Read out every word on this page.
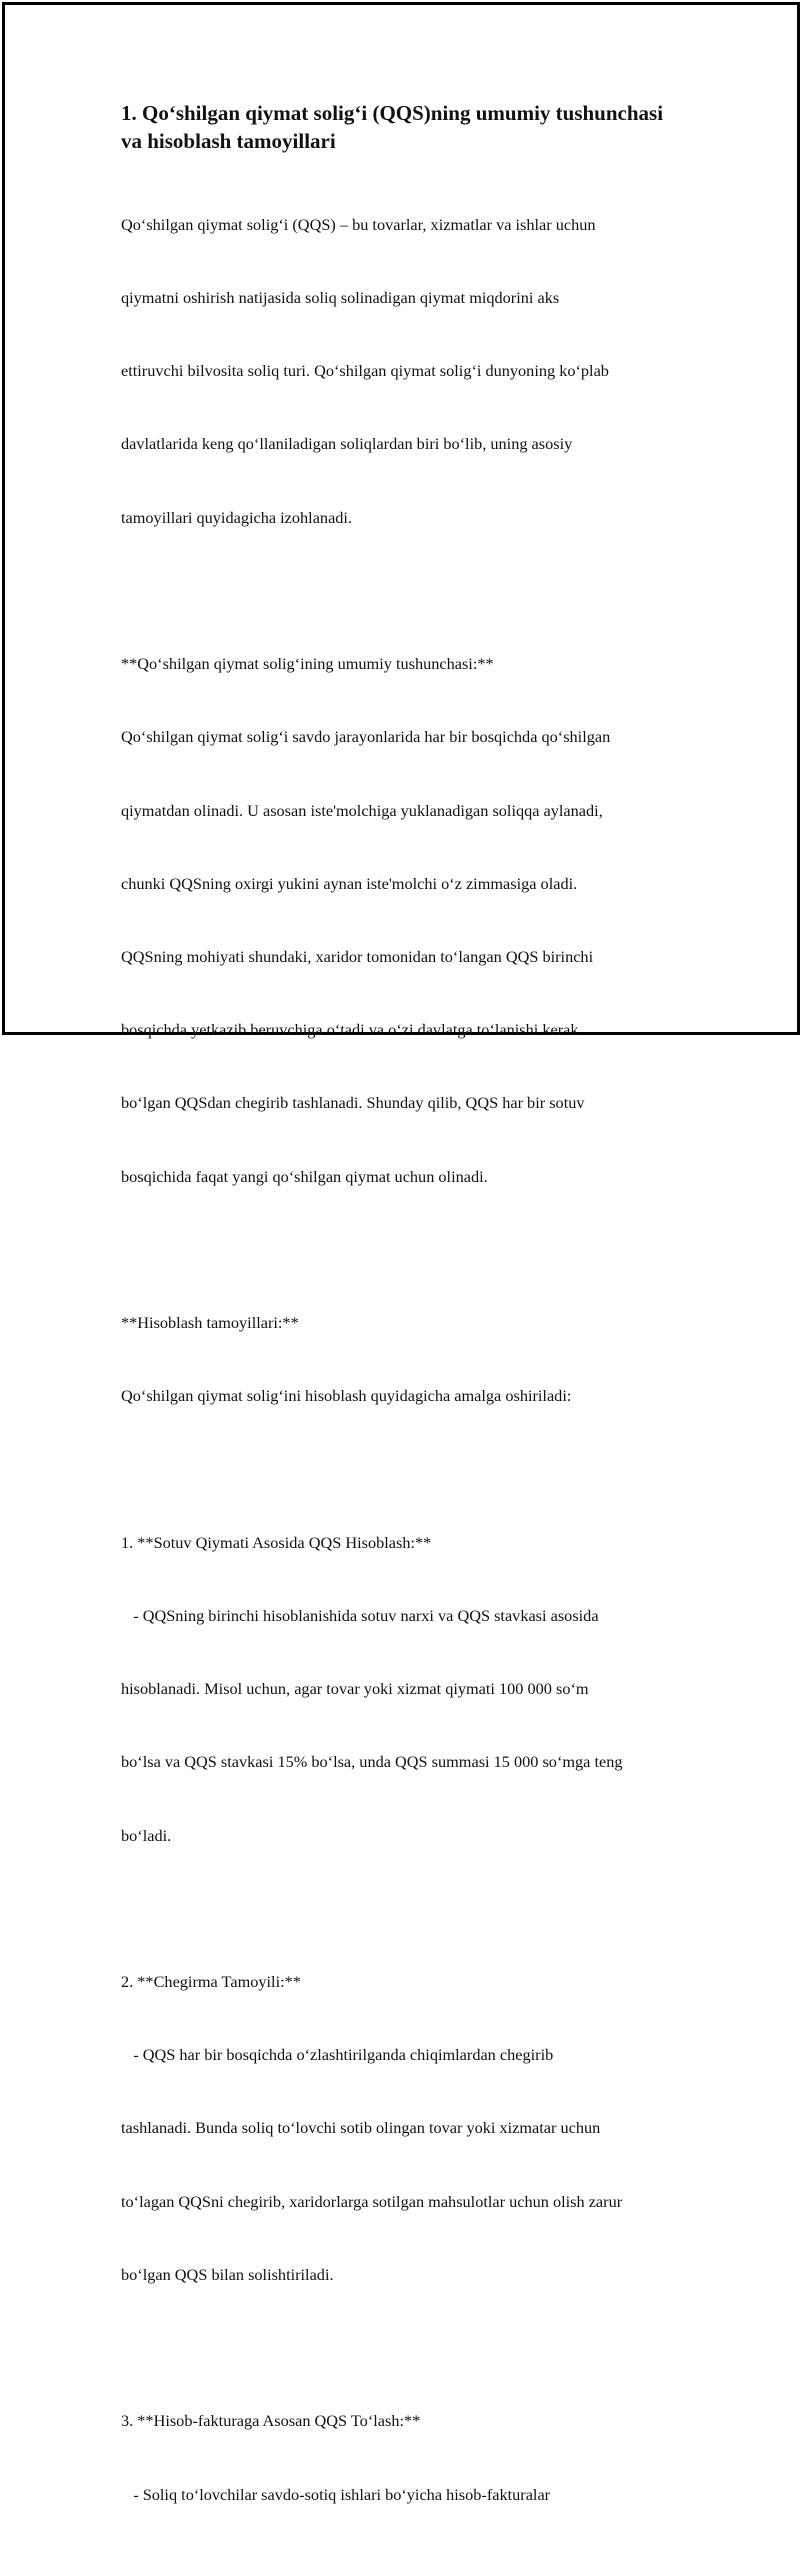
1. Qo‘shilgan qiymat solig‘i (QQS)ning umumiy tushunchasi
va hisoblash tamoyillari

Qo‘shilgan qiymat solig‘i (QQS) – bu tovarlar, xizmatlar va ishlar uchun

qiymatni oshirish natijasida soliq solinadigan qiymat miqdorini aks

ettiruvchi bilvosita soliq turi. Qo‘shilgan qiymat solig‘i dunyoning ko‘plab

davlatlarida keng qo‘llaniladigan soliqlardan biri bo‘lib, uning asosiy

tamoyillari quyidagicha izohlanadi.

**Qo‘shilgan qiymat solig‘ining umumiy tushunchasi:**

Qo‘shilgan qiymat solig‘i savdo jarayonlarida har bir bosqichda qo‘shilgan

qiymatdan olinadi. U asosan iste'molchiga yuklanadigan soliqqa aylanadi,

chunki QQSning oxirgi yukini aynan iste'molchi o‘z zimmasiga oladi.

QQSning mohiyati shundaki, xaridor tomonidan to‘langan QQS birinchi

bosqichda yetkazib beruvchiga o‘tadi va o‘zi davlatga to‘lanishi kerak

bo‘lgan QQSdan chegirib tashlanadi. Shunday qilib, QQS har bir sotuv

bosqichida faqat yangi qo‘shilgan qiymat uchun olinadi.

**Hisoblash tamoyillari:**

Qo‘shilgan qiymat solig‘ini hisoblash quyidagicha amalga oshiriladi:

1. **Sotuv Qiymati Asosida QQS Hisoblash:**

- QQSning birinchi hisoblanishida sotuv narxi va QQS stavkasi asosida

hisoblanadi. Misol uchun, agar tovar yoki xizmat qiymati 100 000 so‘m

bo‘lsa va QQS stavkasi 15% bo‘lsa, unda QQS summasi 15 000 so‘mga teng

bo‘ladi.

2. **Chegirma Tamoyili:**

- QQS har bir bosqichda o‘zlashtirilganda chiqimlardan chegirib

tashlanadi. Bunda soliq to‘lovchi sotib olingan tovar yoki xizmatar uchun

to‘lagan QQSni chegirib, xaridorlarga sotilgan mahsulotlar uchun olish zarur

bo‘lgan QQS bilan solishtiriladi.

3. **Hisob-fakturaga Asosan QQS To‘lash:**

- Soliq to‘lovchilar savdo-sotiq ishlari bo‘yicha hisob-fakturalar
